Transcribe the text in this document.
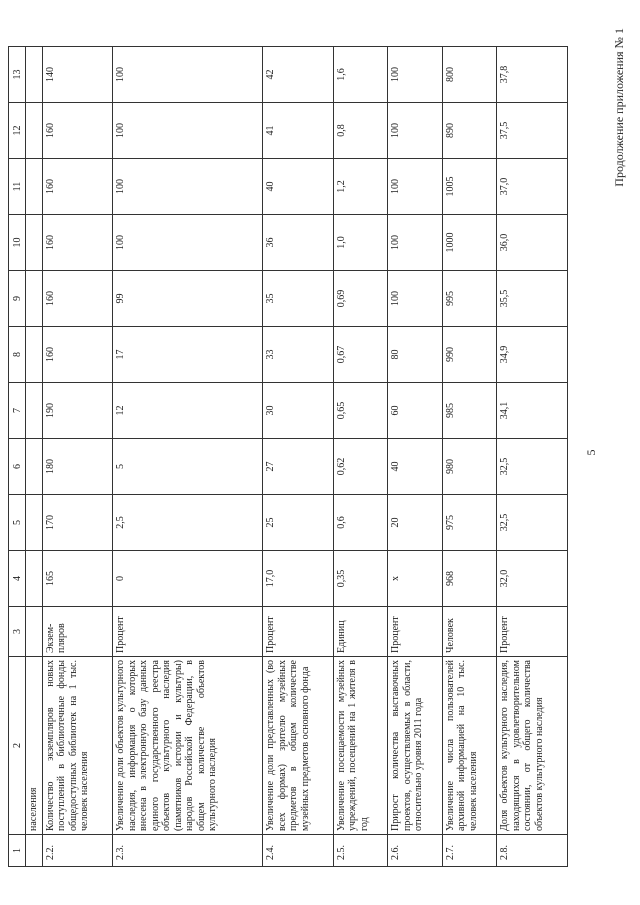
5
Продолжение приложения № 1
1	2	3	4	5	6	7	8	9	10	11	12	13
	населения											
2.2.	Количество экземпляров новых поступлений в библиотечные фонды общедоступных библиотек на 1 тыс. человек населения	Экзем-пляров	165	170	180	190	160	160	160	160	160	140
2.3.	Увеличение доли объектов культурного наследия, информация о которых внесена в электронную базу данных единого государственного реестра объектов культурного наследия (памятников истории и культуры) народов Российской Федерации, в общем количестве объектов культурного наследия	Процент	0	2,5	5	12	17	99	100	100	100	100
2.4.	Увеличение доли представленных (во всех формах) зрителю музейных предметов в общем количестве музейных предметов основного фонда	Процент	17,0	25	27	30	33	35	36	40	41	42
2.5.	Увеличение посещаемости музейных учреждений, посещений на 1 жителя в год	Единиц	0,35	0,6	0,62	0,65	0,67	0,69	1,0	1,2	0,8	1,6
2.6.	Прирост количества выставочных проектов, осуществляемых в области, относительно уровня 2011 года	Процент	х	20	40	60	80	100	100	100	100	100
2.7.	Увеличение числа пользователей архивной информацией на 10 тыс. человек населения	Человек	968	975	980	985	990	995	1000	1005	890	800
2.8.	Доля объектов культурного наследия, находящихся в удовлетворительном состоянии, от общего количества объектов культурного наследия	Процент	32,0	32,5	32,5	34,1	34,9	35,5	36,0	37,0	37,5	37,8
